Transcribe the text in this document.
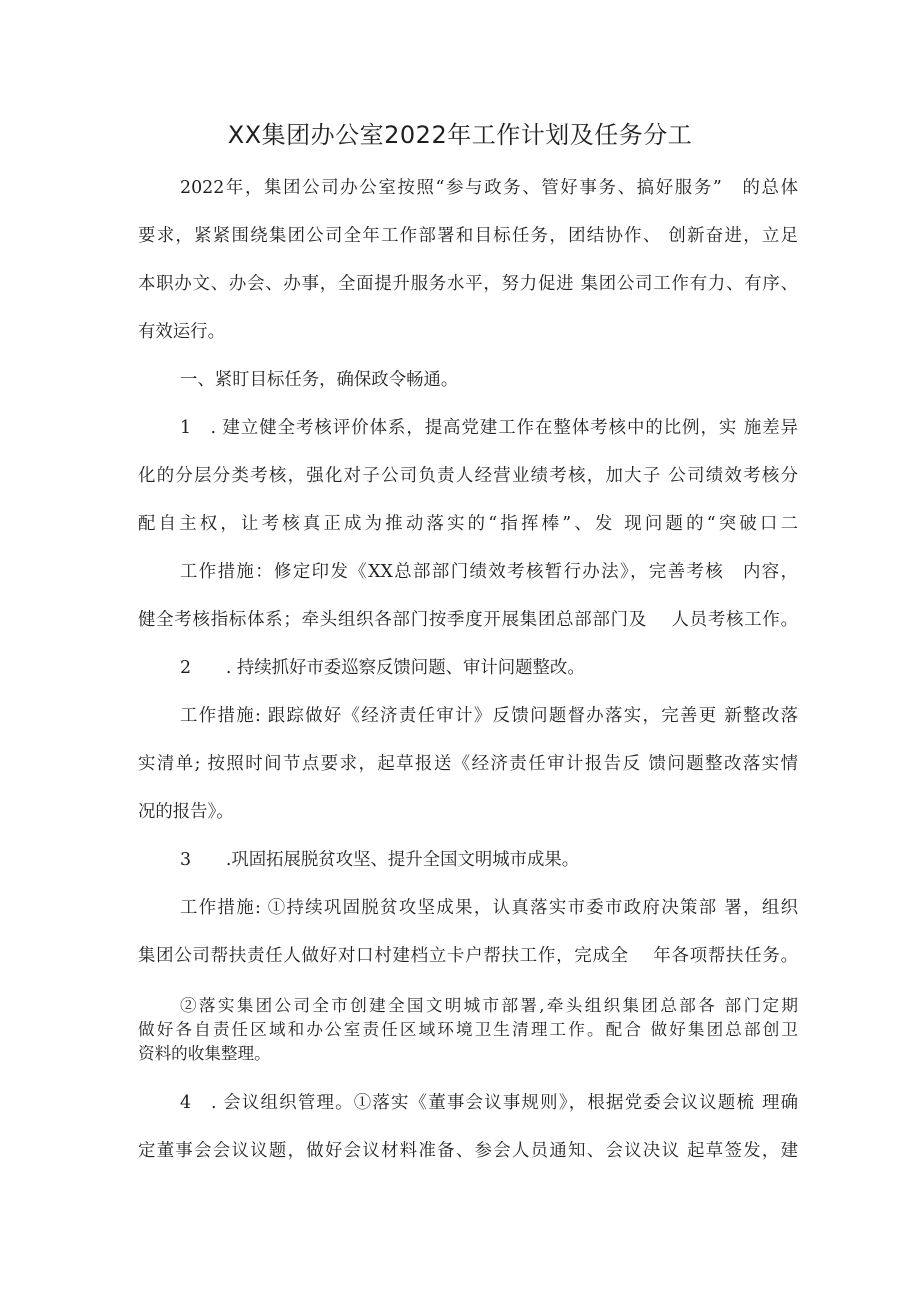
XX集团办公室2022年工作计划及任务分工
2022年，集团公司办公室按照“参与政务、管好事务、搞好服务”　的总体
要求，紧紧围绕集团公司全年工作部署和目标任务，团结协作、 创新奋进，立足
本职办文、办会、办事，全面提升服务水平，努力促进 集团公司工作有力、有序、
有效运行。
一、紧盯目标任务，确保政令畅通。
1　. 建立健全考核评价体系，提高党建工作在整体考核中的比例，实 施差异
化的分层分类考核，强化对子公司负责人经营业绩考核，加大子 公司绩效考核分
配自主权，让考核真正成为推动落实的“指挥棒”、发 现问题的“突破口二
工作措施：修定印发《XX总部部门绩效考核暂行办法》，完善考核　内容，
健全考核指标体系；牵头组织各部门按季度开展集团总部部门及　 人员考核工作。
2　　. 持续抓好市委巡察反馈问题、审计问题整改。
工作措施: 跟踪做好《经济责任审计》反馈问题督办落实，完善更 新整改落
实清单; 按照时间节点要求，起草报送《经济责任审计报告反 馈问题整改落实情
况的报告》。
3　　.巩固拓展脱贫攻坚、提升全国文明城市成果。
工作措施: ①持续巩固脱贫攻坚成果，认真落实市委市政府决策部 署，组织
集团公司帮扶责任人做好对口村建档立卡户帮扶工作，完成全　 年各项帮扶任务。
②落实集团公司全市创建全国文明城市部署,牵头组织集团总部各 部门定期
做好各自责任区域和办公室责任区域环境卫生清理工作。配合 做好集团总部创卫
资料的收集整理。
4　. 会议组织管理。①落实《董事会议事规则》，根据党委会议议题梳 理确
定董事会会议议题，做好会议材料准备、参会人员通知、会议决议 起草签发，建
